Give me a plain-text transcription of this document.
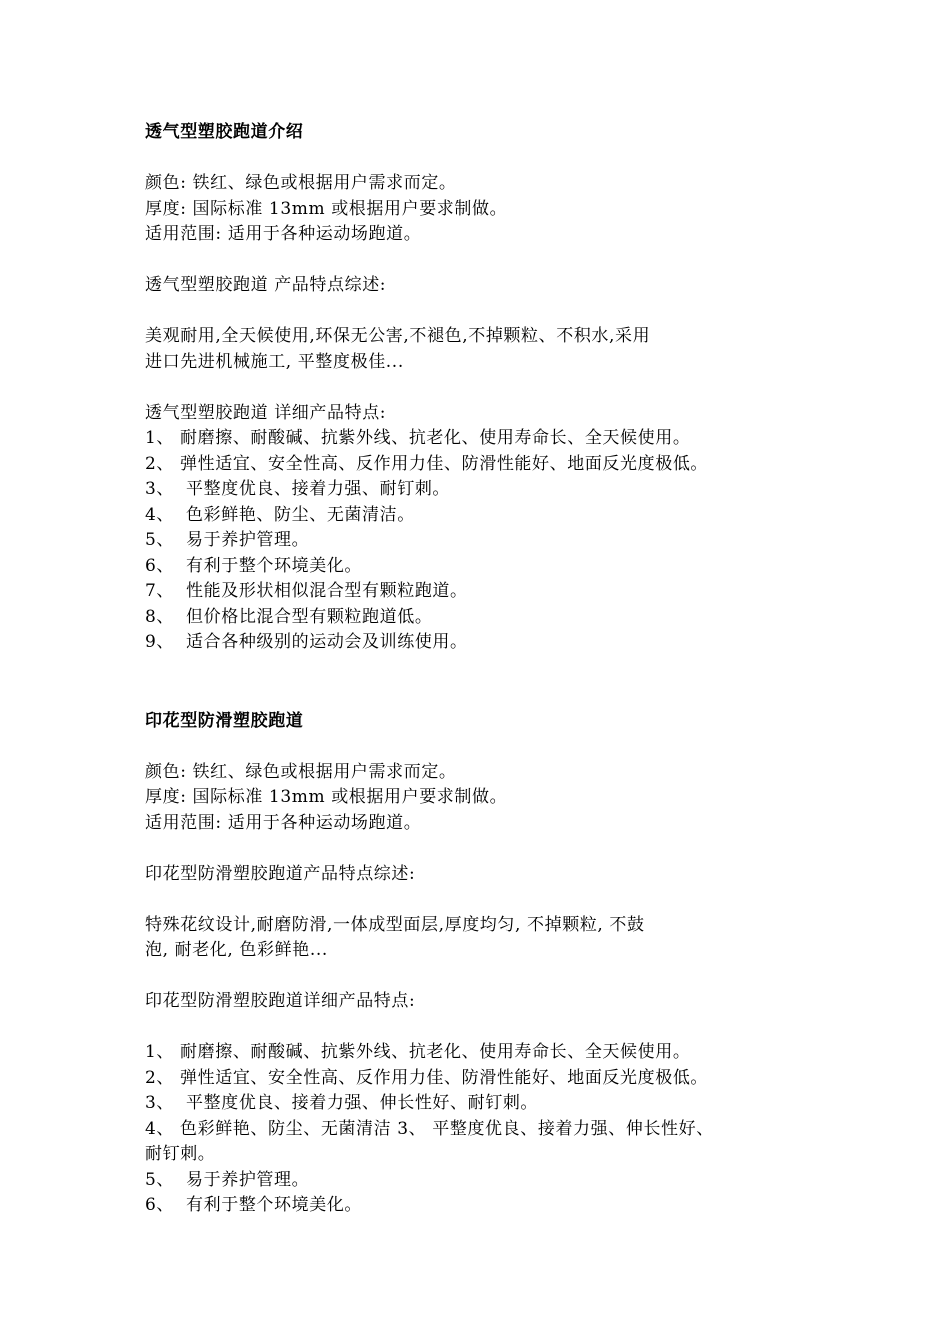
透气型塑胶跑道介绍
颜色: 铁红、绿色或根据用户需求而定。
厚度: 国际标准 13mm 或根据用户要求制做。
适用范围: 适用于各种运动场跑道。
透气型塑胶跑道 产品特点综述:
美观耐用,全天候使用,环保无公害,不褪色,不掉颗粒、不积水,采用
进口先进机械施工, 平整度极佳...
透气型塑胶跑道 详细产品特点:
1、 耐磨擦、耐酸碱、抗紫外线、抗老化、使用寿命长、全天候使用。
2、 弹性适宜、安全性高、反作用力佳、防滑性能好、地面反光度极低。
3、  平整度优良、接着力强、耐钉刺。
4、  色彩鲜艳、防尘、无菌清洁。
5、  易于养护管理。
6、  有利于整个环境美化。
7、  性能及形状相似混合型有颗粒跑道。
8、  但价格比混合型有颗粒跑道低。
9、  适合各种级别的运动会及训练使用。
印花型防滑塑胶跑道
颜色: 铁红、绿色或根据用户需求而定。
厚度: 国际标准 13mm 或根据用户要求制做。
适用范围: 适用于各种运动场跑道。
印花型防滑塑胶跑道产品特点综述:
特殊花纹设计,耐磨防滑,一体成型面层,厚度均匀, 不掉颗粒, 不鼓
泡, 耐老化, 色彩鲜艳...
印花型防滑塑胶跑道详细产品特点:
1、 耐磨擦、耐酸碱、抗紫外线、抗老化、使用寿命长、全天候使用。
2、 弹性适宜、安全性高、反作用力佳、防滑性能好、地面反光度极低。
3、  平整度优良、接着力强、伸长性好、耐钉刺。
4、 色彩鲜艳、防尘、无菌清洁 3、 平整度优良、接着力强、伸长性好、
耐钉刺。
5、  易于养护管理。
6、  有利于整个环境美化。
